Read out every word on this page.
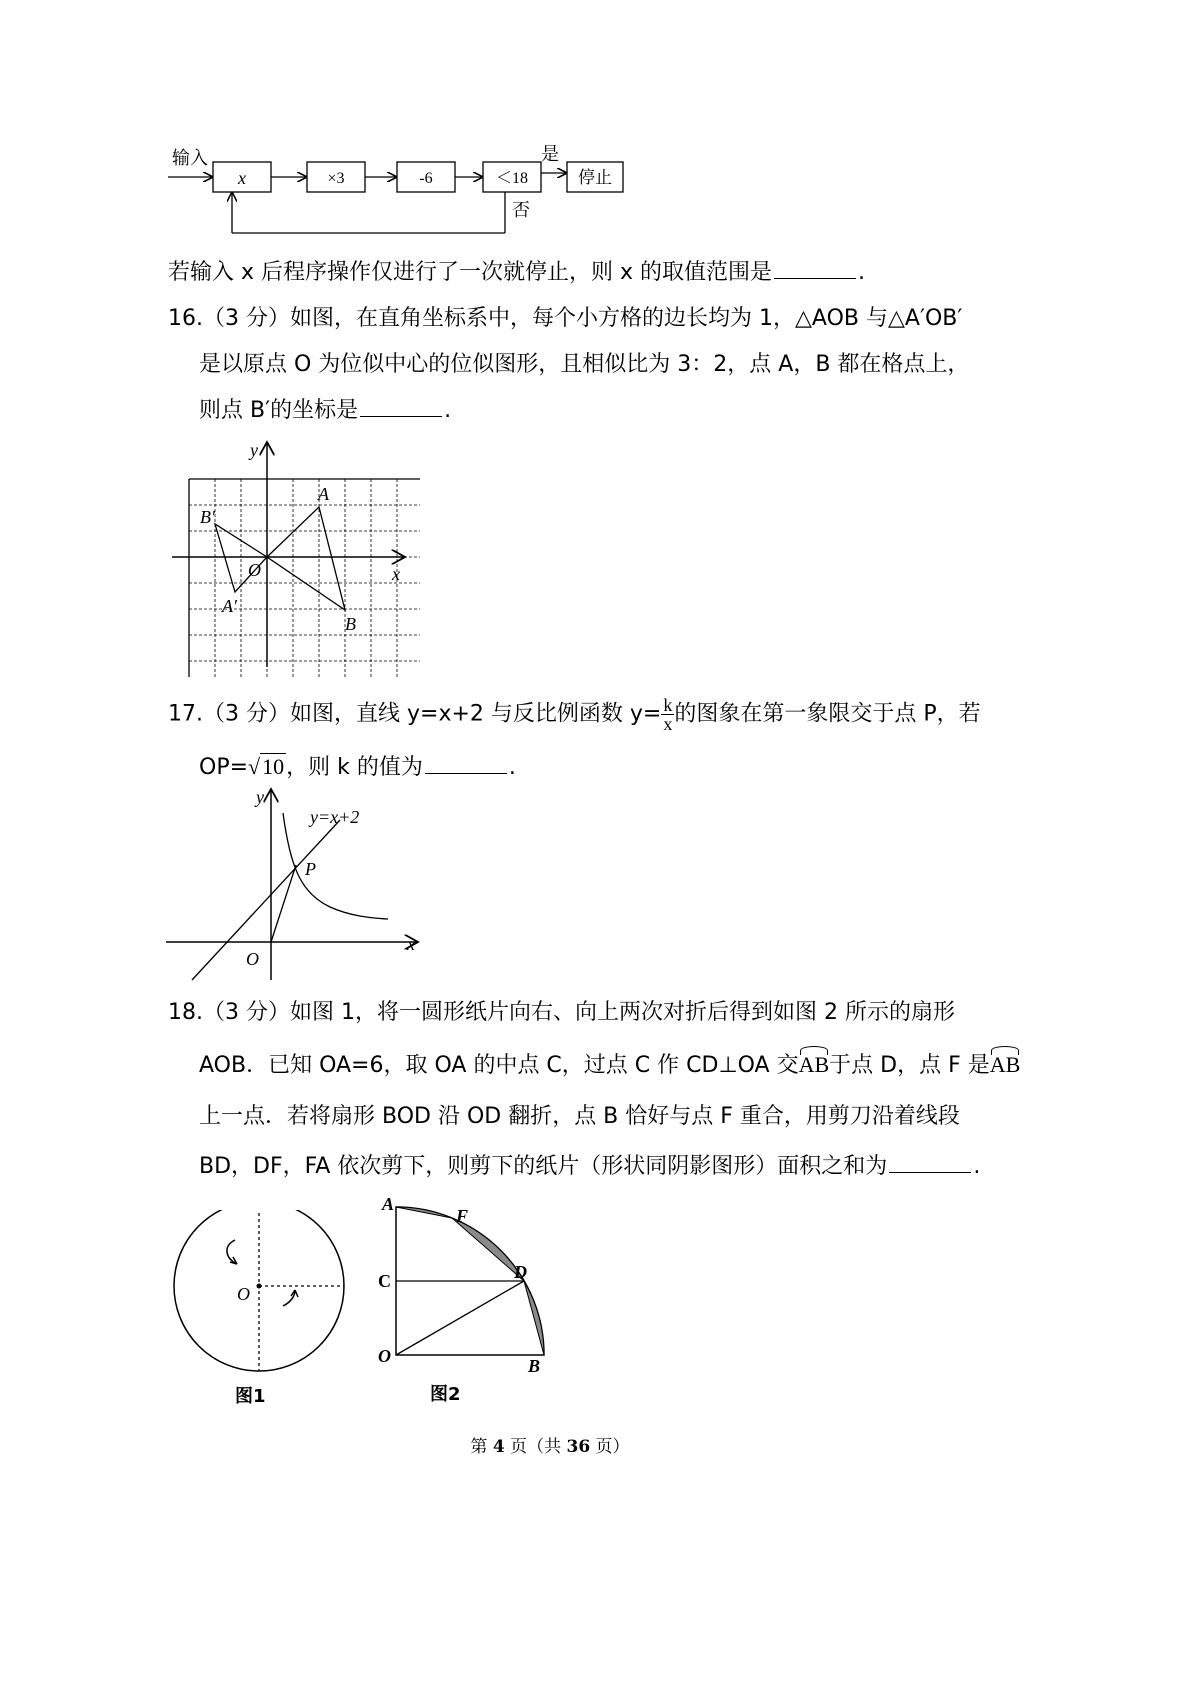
输入
x	×3	-6	＜18
是
停止
否
若输入 x 后程序操作仅进行了一次就停止，则 x 的取值范围是	.
16.（3 分）如图，在直角坐标系中，每个小方格的边长均为 1，△AOB 与△A′OB′
是以原点 O 为位似中心的位似图形，且相似比为 3：2，点 A，B 都在格点上，
则点 B′的坐标是	.
y
x
A
B
B′
A′
O
17.（3 分）如图，直线 y=x+2 与反比例函数 $y= \frac{k}{x}$ 的图象在第一象限交于点 P，若
OP=√10，则 k 的值为	.
y
x
y=x+2
P
O
18.（3 分）如图 1，将一圆形纸片向右、向上两次对折后得到如图 2 所示的扇形
AOB．已知 OA=6，取 OA 的中点 C，过点 C 作 CD⊥OA 交AB于点 D，点 F 是AB
上一点．若将扇形 BOD 沿 OD 翻折，点 B 恰好与点 F 重合，用剪刀沿着线段
BD，DF，FA 依次剪下，则剪下的纸片（形状同阴影图形）面积之和为	.
O
图1
A
F
C	D
O	B
图2
第 4 页（共 36 页）
